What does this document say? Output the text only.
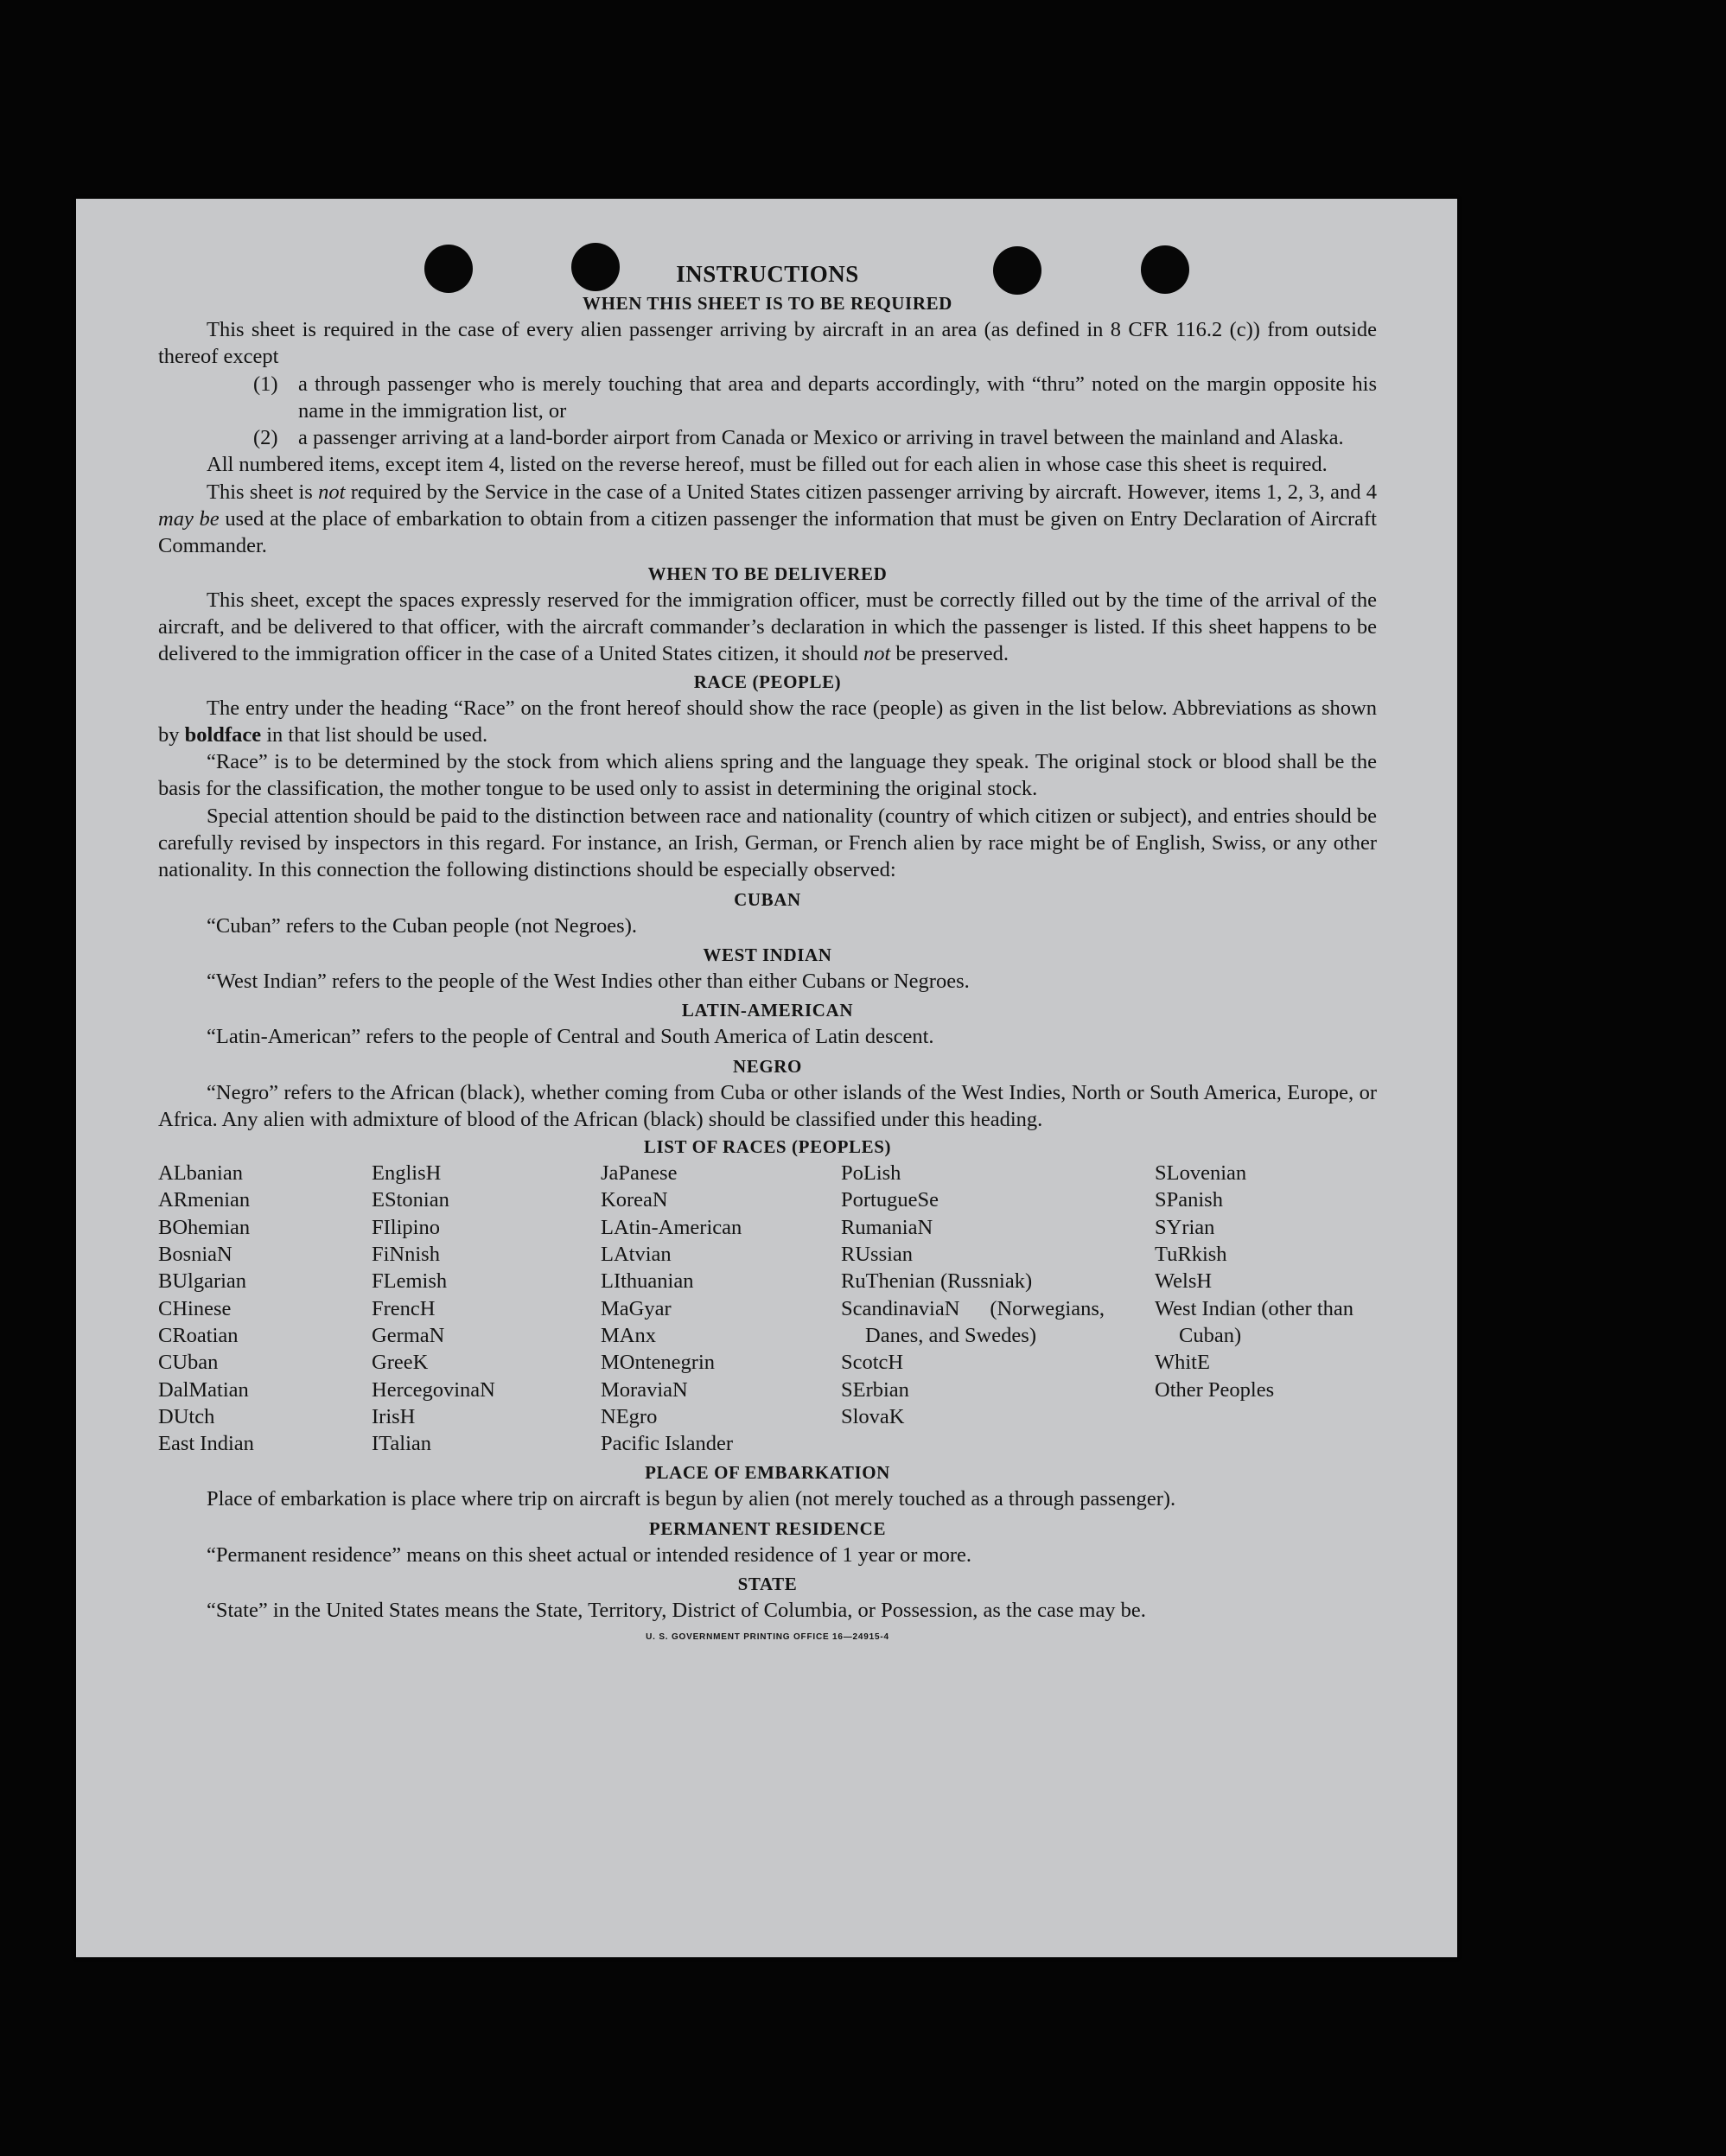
INSTRUCTIONS
WHEN THIS SHEET IS TO BE REQUIRED

This sheet is required in the case of every alien passenger arriving by aircraft in an area (as defined in 8 CFR 116.2 (c)) from outside thereof except

(1) a through passenger who is merely touching that area and departs accordingly, with “thru” noted on the margin opposite his name in the immigration list, or
(2) a passenger arriving at a land-border airport from Canada or Mexico or arriving in travel between the mainland and Alaska.

All numbered items, except item 4, listed on the reverse hereof, must be filled out for each alien in whose case this sheet is required.

This sheet is not required by the Service in the case of a United States citizen passenger arriving by aircraft. However, items 1, 2, 3, and 4 may be used at the place of embarkation to obtain from a citizen passenger the information that must be given on Entry Declaration of Aircraft Commander.

WHEN TO BE DELIVERED

This sheet, except the spaces expressly reserved for the immigration officer, must be correctly filled out by the time of the arrival of the aircraft, and be delivered to that officer, with the aircraft commander’s declaration in which the passenger is listed. If this sheet happens to be delivered to the immigration officer in the case of a United States citizen, it should not be preserved.

RACE (PEOPLE)

The entry under the heading “Race” on the front hereof should show the race (people) as given in the list below. Abbreviations as shown by boldface in that list should be used.

“Race” is to be determined by the stock from which aliens spring and the language they speak. The original stock or blood shall be the basis for the classification, the mother tongue to be used only to assist in determining the original stock.

Special attention should be paid to the distinction between race and nationality (country of which citizen or subject), and entries should be carefully revised by inspectors in this regard. For instance, an Irish, German, or French alien by race might be of English, Swiss, or any other nationality. In this connection the following distinctions should be especially observed:

CUBAN

“Cuban” refers to the Cuban people (not Negroes).

WEST INDIAN

“West Indian” refers to the people of the West Indies other than either Cubans or Negroes.

LATIN-AMERICAN

“Latin-American” refers to the people of Central and South America of Latin descent.

NEGRO

“Negro” refers to the African (black), whether coming from Cuba or other islands of the West Indies, North or South America, Europe, or Africa. Any alien with admixture of blood of the African (black) should be classified under this heading.

LIST OF RACES (PEOPLES)
ALbanian
ARmenian
BOhemian
BosniaN
BUlgarian
CHinese
CRoatian
CUban
DalMatian
DUtch
East Indian
EnglisH
EStonian
FIlipino
FiNnish
FLemish
FrencH
GermaN
GreeK
HercegovinaN
IrisH
ITalian
JaPanese
KoreaN
LAtin-American
LAtvian
LIthuanian
MaGyar
MAnx
MOntenegrin
MoraviaN
NEgro
Pacific Islander
PoLish
PortugueSe
RumaniaN
RUssian
RuThenian (Russniak)
ScandinaviaN (Norwegians, Danes, and Swedes)
ScotcH
SErbian
SlovaK
SLovenian
SPanish
SYrian
TuRkish
WelsH
West Indian (other than Cuban)
WhitE
Other Peoples
PLACE OF EMBARKATION

Place of embarkation is place where trip on aircraft is begun by alien (not merely touched as a through passenger).

PERMANENT RESIDENCE

“Permanent residence” means on this sheet actual or intended residence of 1 year or more.

STATE

“State” in the United States means the State, Territory, District of Columbia, or Possession, as the case may be.

U. S. GOVERNMENT PRINTING OFFICE 16—24915-4
